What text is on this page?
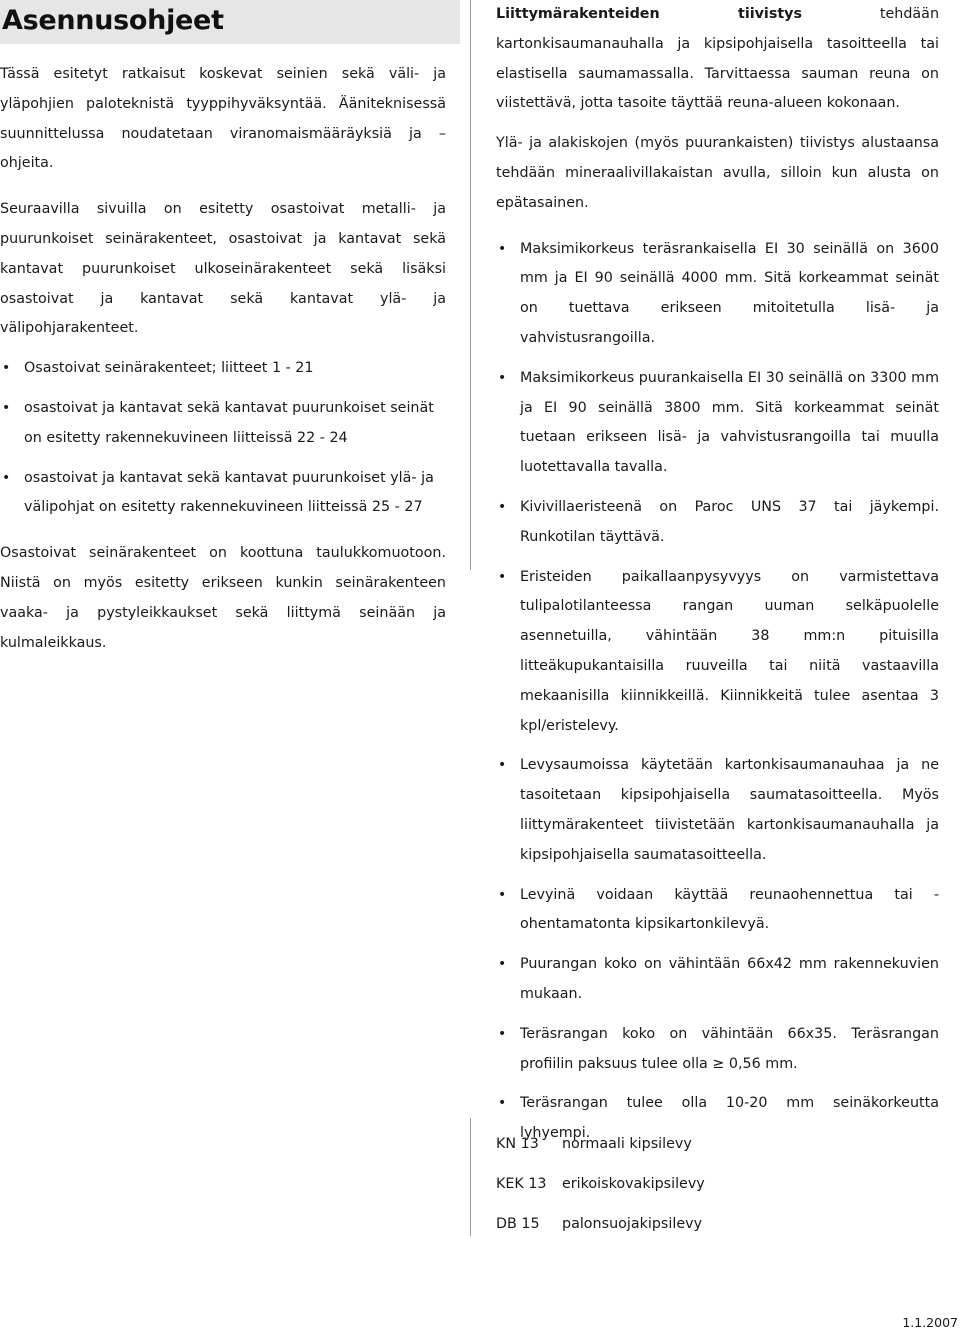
Asennusohjeet

Tässä esitetyt ratkaisut koskevat seinien sekä väli- ja yläpohjien paloteknistä tyyppihyväksyntää. Ääniteknisessä suunnittelussa noudatetaan viranomaismääräyksiä ja –ohjeita.

Seuraavilla sivuilla on esitetty osastoivat metalli- ja puurunkoiset seinärakenteet, osastoivat ja kantavat sekä kantavat puurunkoiset ulkoseinärakenteet sekä lisäksi osastoivat ja kantavat sekä kantavat ylä- ja välipohjarakenteet.

• Osastoivat seinärakenteet; liitteet 1 - 21
• osastoivat ja kantavat sekä kantavat puurunkoiset seinät on esitetty rakennekuvineen liitteissä 22 - 24
• osastoivat ja kantavat sekä kantavat puurunkoiset ylä- ja välipohjat on esitetty rakennekuvineen liitteissä 25 - 27

Osastoivat seinärakenteet on koottuna taulukkomuotoon. Niistä on myös esitetty erikseen kunkin seinärakenteen vaaka- ja pystyleikkaukset sekä liittymä seinään ja kulmaleikkaus.

Liittymärakenteiden tiivistys tehdään kartonkisaumanauhalla ja kipsipohjaisella tasoitteella tai elastisella saumamassalla. Tarvittaessa sauman reuna on viistettävä, jotta tasoite täyttää reuna-alueen kokonaan.

Ylä- ja alakiskojen (myös puurankaisten) tiivistys alustaansa tehdään mineraalivillakaistan avulla, silloin kun alusta on epätasainen.

• Maksimikorkeus teräsrankaisella EI 30 seinällä on 3600 mm ja EI 90 seinällä 4000 mm. Sitä korkeammat seinät on tuettava erikseen mitoitetulla lisä- ja vahvistusrangoilla.
• Maksimikorkeus puurankaisella EI 30 seinällä on 3300 mm ja EI 90 seinällä 3800 mm. Sitä korkeammat seinät tuetaan erikseen lisä- ja vahvistusrangoilla tai muulla luotettavalla tavalla.
• Kivivillaeristeenä on Paroc UNS 37 tai jäykempi. Runkotilan täyttävä.
• Eristeiden paikallaanpysyvyys on varmistettava tulipalotilanteessa rangan uuman selkäpuolelle asennetuilla, vähintään 38 mm:n pituisilla litteäkupukantaisilla ruuveilla tai niitä vastaavilla mekaanisilla kiinnikkeillä. Kiinnikkeitä tulee asentaa 3 kpl/eristelevy.
• Levysaumoissa käytetään kartonkisaumanauhaa ja ne tasoitetaan kipsipohjaisella saumatasoitteella. Myös liittymärakenteet tiivistetään kartonkisaumanauhalla ja kipsipohjaisella saumatasoitteella.
• Levyinä voidaan käyttää reunaohennettua tai -ohentamatonta kipsikartonkilevyä.
• Puurangan koko on vähintään 66x42 mm rakennekuvien mukaan.
• Teräsrangan koko on vähintään 66x35. Teräsrangan profiilin paksuus tulee olla ≥ 0,56 mm.
• Teräsrangan tulee olla 10-20 mm seinäkorkeutta lyhyempi.
KN 13	normaali kipsilevy
KEK 13	erikoiskovakipsilevy
DB 15	palonsuojakipsilevy
1.1.2007
